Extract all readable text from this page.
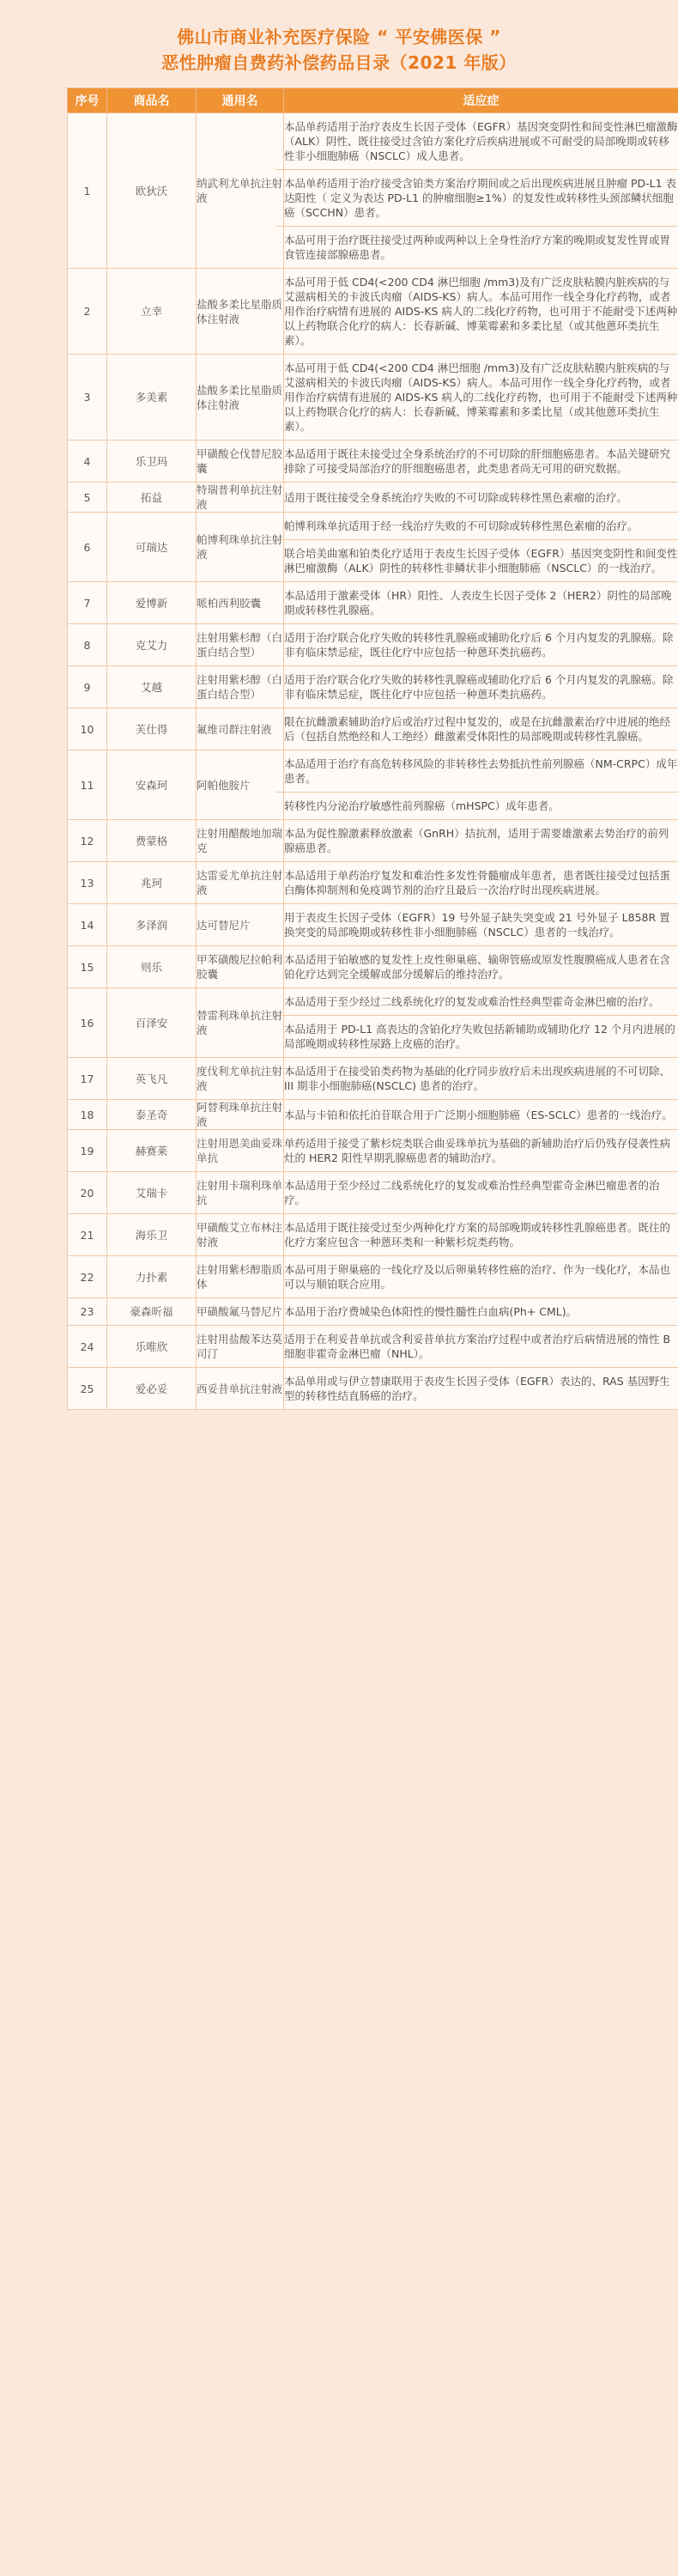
佛山市商业补充医疗保险 “ 平安佛医保 ”
恶性肿瘤自费药补偿药品目录（2021 年版）
序号	商品名	通用名	适应症
1	欧狄沃	纳武利尤单抗注射液	本品单药适用于治疗表皮生长因子受体（EGFR）基因突变阴性和间变性淋巴瘤激酶（ALK）阴性、既往接受过含铂方案化疗后疾病进展或不可耐受的局部晚期或转移性非小细胞肺癌（NSCLC）成人患者。
本品单药适用于治疗接受含铂类方案治疗期间或之后出现疾病进展且肿瘤 PD-L1 表达阳性（ 定义为表达 PD-L1 的肿瘤细胞≥1%）的复发性或转移性头颈部鳞状细胞癌（SCCHN）患者。
本品可用于治疗既往接受过两种或两种以上全身性治疗方案的晚期或复发性胃或胃食管连接部腺癌患者。

2	立幸	盐酸多柔比星脂质体注射液	本品可用于低 CD4(<200 CD4 淋巴细胞 /mm3)及有广泛皮肤粘膜内脏疾病的与艾滋病相关的卡波氏肉瘤（AIDS-KS）病人。本品可用作一线全身化疗药物，或者用作治疗病情有进展的 AIDS-KS 病人的二线化疗药物，也可用于不能耐受下述两种以上药物联合化疗的病人：长春新碱、博莱霉素和多柔比星（或其他蒽环类抗生素）。

3	多美素	盐酸多柔比星脂质体注射液	本品可用于低 CD4(<200 CD4 淋巴细胞 /mm3)及有广泛皮肤粘膜内脏疾病的与艾滋病相关的卡波氏肉瘤（AIDS-KS）病人。本品可用作一线全身化疗药物，或者用作治疗病情有进展的 AIDS-KS 病人的二线化疗药物，也可用于不能耐受下述两种以上药物联合化疗的病人：长春新碱、博莱霉素和多柔比星（或其他蒽环类抗生素）。

4	乐卫玛	甲磺酸仑伐替尼胶囊	本品适用于既往未接受过全身系统治疗的不可切除的肝细胞癌患者。本品关键研究排除了可接受局部治疗的肝细胞癌患者，此类患者尚无可用的研究数据。

5	拓益	特瑞普利单抗注射液	适用于既往接受全身系统治疗失败的不可切除或转移性黑色素瘤的治疗。

6	可瑞达	帕博利珠单抗注射液	帕博利珠单抗适用于经一线治疗失败的不可切除或转移性黑色素瘤的治疗。
联合培美曲塞和铂类化疗适用于表皮生长因子受体（EGFR）基因突变阴性和间变性淋巴瘤激酶（ALK）阴性的转移性非鳞状非小细胞肺癌（NSCLC）的一线治疗。

7	爱博新	哌柏西利胶囊	本品适用于激素受体（HR）阳性、人表皮生长因子受体 2（HER2）阴性的局部晚期或转移性乳腺癌。

8	克艾力	注射用紫杉醇（白蛋白结合型）	适用于治疗联合化疗失败的转移性乳腺癌或辅助化疗后 6 个月内复发的乳腺癌。除非有临床禁忌症，既往化疗中应包括一种蒽环类抗癌药。

9	艾越	注射用紫杉醇（白蛋白结合型）	适用于治疗联合化疗失败的转移性乳腺癌或辅助化疗后 6 个月内复发的乳腺癌。除非有临床禁忌症，既往化疗中应包括一种蒽环类抗癌药。

10	芙仕得	氟维司群注射液	限在抗雌激素辅助治疗后或治疗过程中复发的，或是在抗雌激素治疗中进展的绝经后（包括自然绝经和人工绝经）雌激素受体阳性的局部晚期或转移性乳腺癌。

11	安森珂	阿帕他胺片	本品适用于治疗有高危转移风险的非转移性去势抵抗性前列腺癌（NM-CRPC）成年患者。
转移性内分泌治疗敏感性前列腺癌（mHSPC）成年患者。

12	费蒙格	注射用醋酸地加瑞克	本品为促性腺激素释放激素（GnRH）拮抗剂，适用于需要雄激素去势治疗的前列腺癌患者。

13	兆珂	达雷妥尤单抗注射液	本品适用于单药治疗复发和难治性多发性骨髓瘤成年患者，患者既往接受过包括蛋白酶体抑制剂和免疫调节剂的治疗且最后一次治疗时出现疾病进展。

14	多泽润	达可替尼片	用于表皮生长因子受体（EGFR）19 号外显子缺失突变或 21 号外显子 L858R 置换突变的局部晚期或转移性非小细胞肺癌（NSCLC）患者的一线治疗。

15	则乐	甲苯磺酸尼拉帕利胶囊	本品适用于铂敏感的复发性上皮性卵巢癌、输卵管癌或原发性腹膜癌成人患者在含铂化疗达到完全缓解或部分缓解后的维持治疗。

16	百泽安	替雷利珠单抗注射液	本品适用于至少经过二线系统化疗的复发或难治性经典型霍奇金淋巴瘤的治疗。
本品适用于 PD-L1 高表达的含铂化疗失败包括新辅助或辅助化疗 12 个月内进展的局部晚期或转移性尿路上皮癌的治疗。

17	英飞凡	度伐利尤单抗注射液	本品适用于在接受铂类药物为基础的化疗同步放疗后未出现疾病进展的不可切除、III 期非小细胞肺癌(NSCLC) 患者的治疗。

18	泰圣奇	阿替利珠单抗注射液	本品与卡铂和依托泊苷联合用于广泛期小细胞肺癌（ES-SCLC）患者的一线治疗。

19	赫赛莱	注射用恩美曲妥珠单抗	单药适用于接受了紫杉烷类联合曲妥珠单抗为基础的新辅助治疗后仍残存侵袭性病灶的 HER2 阳性早期乳腺癌患者的辅助治疗。

20	艾瑞卡	注射用卡瑞利珠单抗	本品适用于至少经过二线系统化疗的复发或难治性经典型霍奇金淋巴瘤患者的治疗。

21	海乐卫	甲磺酸艾立布林注射液	本品适用于既往接受过至少两种化疗方案的局部晚期或转移性乳腺癌患者。既往的化疗方案应包含一种蒽环类和一种紫杉烷类药物。

22	力扑素	注射用紫杉醇脂质体	本品可用于卵巢癌的一线化疗及以后卵巢转移性癌的治疗、作为一线化疗，本品也可以与顺铂联合应用。

23	豪森昕福	甲磺酸氟马替尼片	本品用于治疗费城染色体阳性的慢性髓性白血病(Ph+ CML)。

24	乐唯欣	注射用盐酸苯达莫司汀	适用于在利妥昔单抗或含利妥昔单抗方案治疗过程中或者治疗后病情进展的惰性 B 细胞非霍奇金淋巴瘤（NHL）。

25	爱必妥	西妥昔单抗注射液	本品单用或与伊立替康联用于表皮生长因子受体（EGFR）表达的、RAS 基因野生型的转移性结直肠癌的治疗。
